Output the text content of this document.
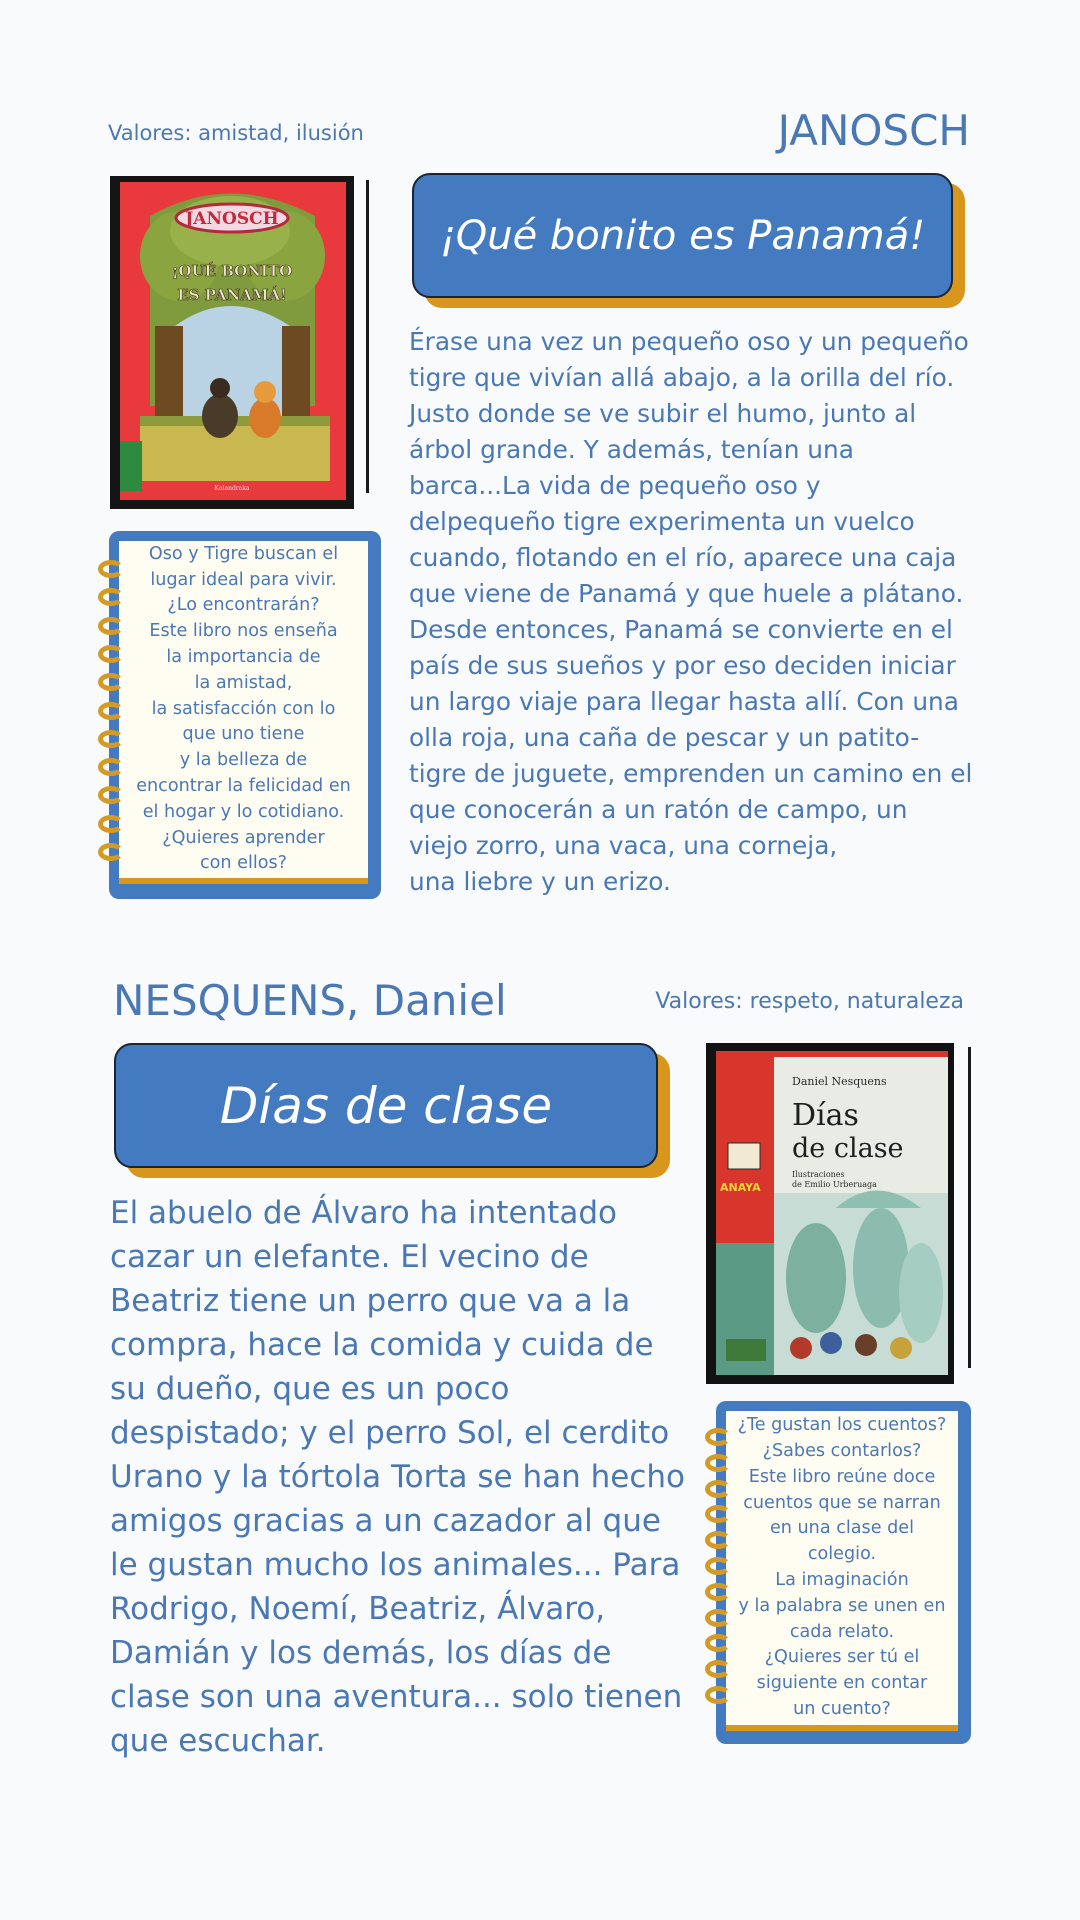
Valores: amistad, ilusión	JANOSCH
JANOSCH
¡QUÉ BONITO
ES PANAMÁ!
Kalandraka
¡Qué bonito es Panamá!
Érase una vez un pequeño oso y un pequeño
tigre que vivían allá abajo, a la orilla del río.
Justo donde se ve subir el humo, junto al
árbol grande. Y además, tenían una
barca...La vida de pequeño oso y
delpequeño tigre experimenta un vuelco
cuando, flotando en el río, aparece una caja
que viene de Panamá y que huele a plátano.
Desde entonces, Panamá se convierte en el
país de sus sueños y por eso deciden iniciar
un largo viaje para llegar hasta allí. Con una
olla roja, una caña de pescar y un patito-
tigre de juguete, emprenden un camino en el
que conocerán a un ratón de campo, un
viejo zorro, una vaca, una corneja,
una liebre y un erizo.
Oso y Tigre buscan el
lugar ideal para vivir.
¿Lo encontrarán?
Este libro nos enseña
la importancia de
la amistad,
la satisfacción con lo
que uno tiene
y la belleza de
encontrar la felicidad en
el hogar y lo cotidiano.
¿Quieres aprender
con ellos?
NESQUENS, Daniel	Valores: respeto, naturaleza
Días de clase
El abuelo de Álvaro ha intentado
cazar un elefante. El vecino de
Beatriz tiene un perro que va a la
compra, hace la comida y cuida de
su dueño, que es un poco
despistado; y el perro Sol, el cerdito
Urano y la tórtola Torta se han hecho
amigos gracias a un cazador al que
le gustan mucho los animales... Para
Rodrigo, Noemí, Beatriz, Álvaro,
Damián y los demás, los días de
clase son una aventura... solo tienen
que escuchar.
Daniel Nesquens
Días
de clase
Ilustraciones
de Emilio Urberuaga
ANAYA
¿Te gustan los cuentos?
¿Sabes contarlos?
Este libro reúne doce
cuentos que se narran
en una clase del
colegio.
La imaginación
y la palabra se unen en
cada relato.
¿Quieres ser tú el
siguiente en contar
un cuento?
